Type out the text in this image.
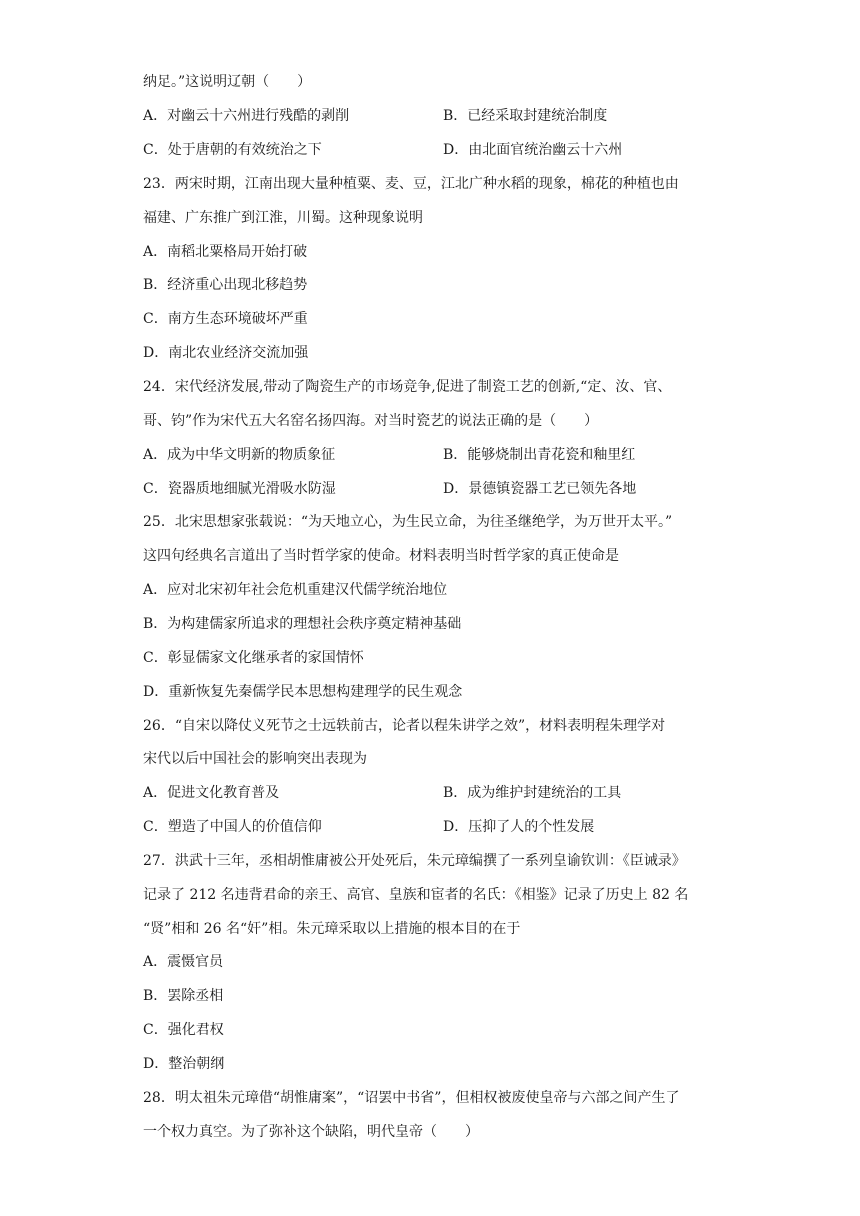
纳足。”这说明辽朝（　　）
A．对幽云十六州进行残酷的剥削	B．已经采取封建统治制度
C．处于唐朝的有效统治之下	D．由北面官统治幽云十六州
23．两宋时期，江南出现大量种植粟、麦、豆，江北广种水稻的现象，棉花的种植也由
福建、广东推广到江淮，川蜀。这种现象说明
A．南稻北粟格局开始打破
B．经济重心出现北移趋势
C．南方生态环境破坏严重
D．南北农业经济交流加强
24．宋代经济发展,带动了陶瓷生产的市场竞争,促进了制瓷工艺的创新,“定、汝、官、
哥、钧”作为宋代五大名窑名扬四海。对当时瓷艺的说法正确的是（　　）
A．成为中华文明新的物质象征	B．能够烧制出青花瓷和釉里红
C．瓷器质地细腻光滑吸水防湿	D．景德镇瓷器工艺已领先各地
25．北宋思想家张载说：“为天地立心，为生民立命，为往圣继绝学，为万世开太平。”
这四句经典名言道出了当时哲学家的使命。材料表明当时哲学家的真正使命是
A．应对北宋初年社会危机重建汉代儒学统治地位
B．为构建儒家所追求的理想社会秩序奠定精神基础
C．彰显儒家文化继承者的家国情怀
D．重新恢复先秦儒学民本思想构建理学的民生观念
26．“自宋以降仗义死节之士远轶前古，论者以程朱讲学之效”，材料表明程朱理学对
宋代以后中国社会的影响突出表现为
A．促进文化教育普及	B．成为维护封建统治的工具
C．塑造了中国人的价值信仰	D．压抑了人的个性发展
27．洪武十三年，丞相胡惟庸被公开处死后，朱元璋编撰了一系列皇谕钦训：《臣诫录》
记录了 212 名违背君命的亲王、高官、皇族和宦者的名氏：《相鉴》记录了历史上 82 名
“贤”相和 26 名“奸”相。朱元璋采取以上措施的根本目的在于
A．震慑官员
B．罢除丞相
C．强化君权
D．整治朝纲
28．明太祖朱元璋借“胡惟庸案”，“诏罢中书省”，但相权被废使皇帝与六部之间产生了
一个权力真空。为了弥补这个缺陷，明代皇帝（　　）
